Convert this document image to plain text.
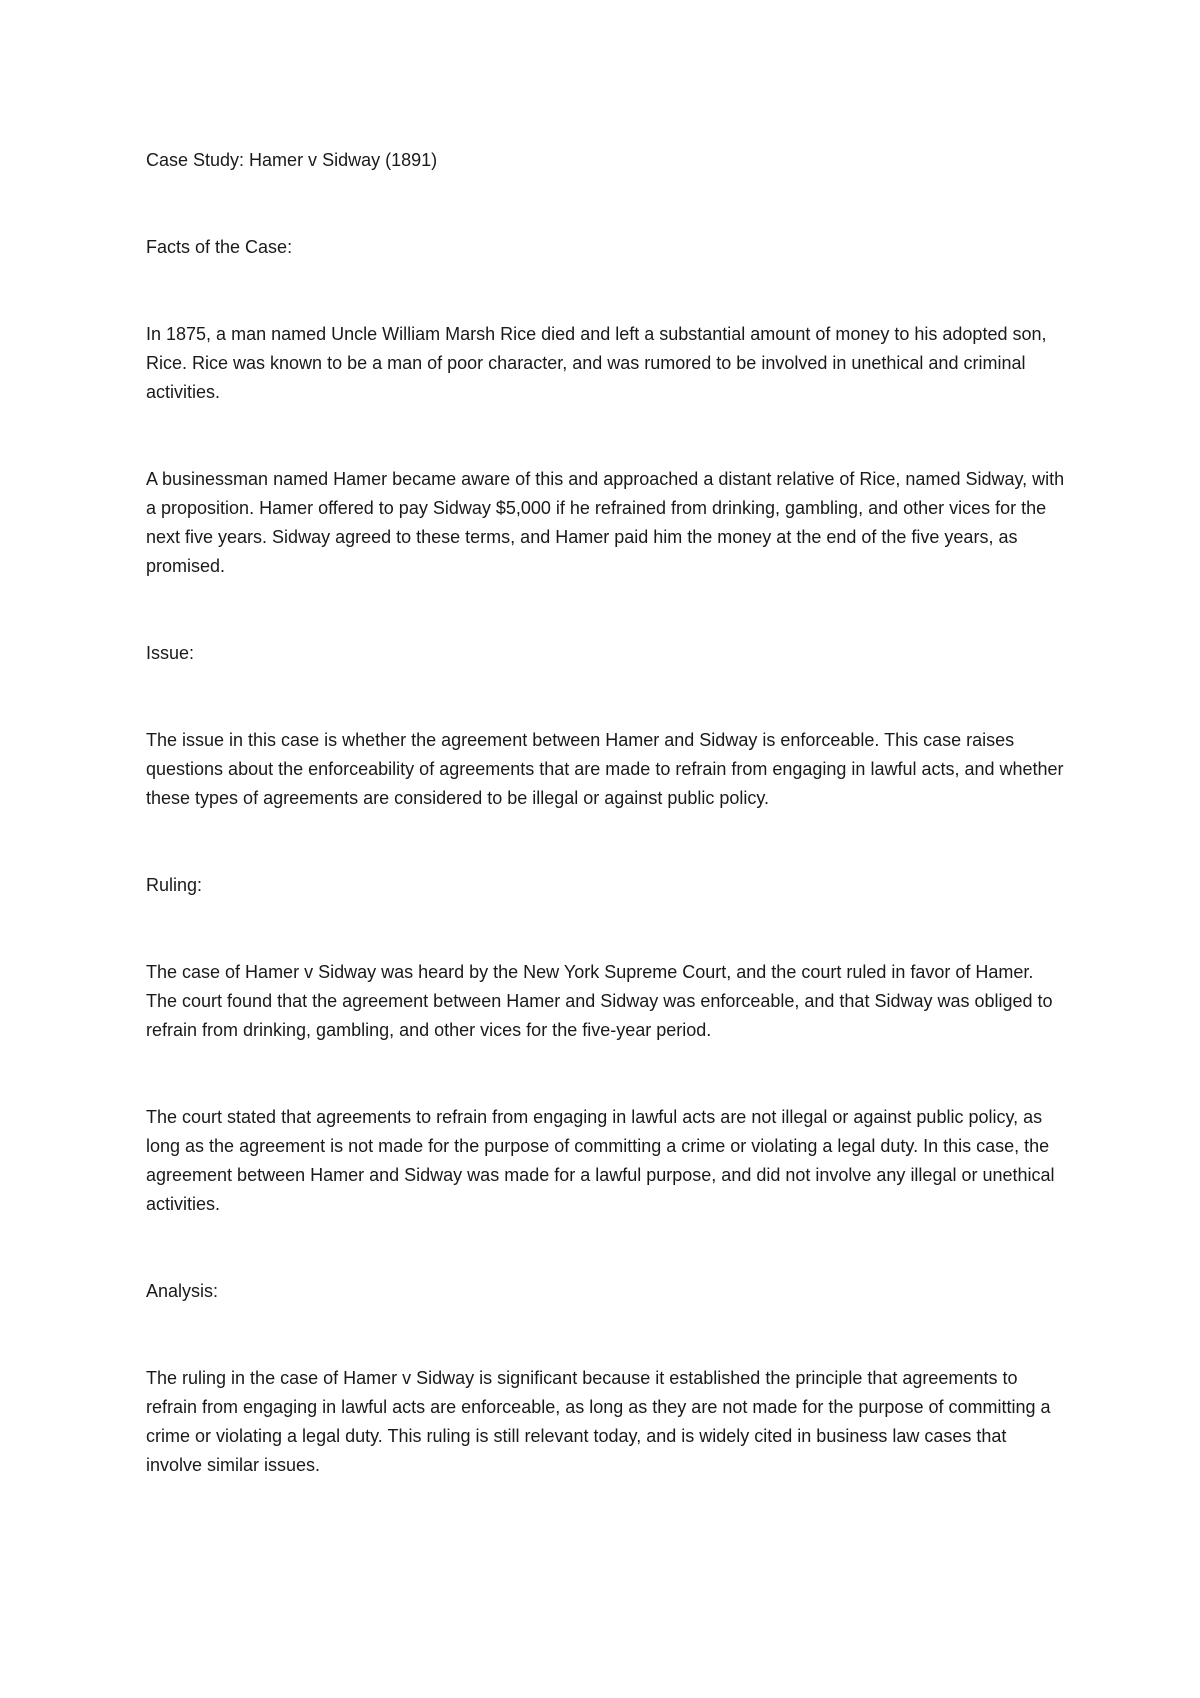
Case Study: Hamer v Sidway (1891)

Facts of the Case:

In 1875, a man named Uncle William Marsh Rice died and left a substantial amount of money to his adopted son, Rice. Rice was known to be a man of poor character, and was rumored to be involved in unethical and criminal activities.

A businessman named Hamer became aware of this and approached a distant relative of Rice, named Sidway, with a proposition. Hamer offered to pay Sidway $5,000 if he refrained from drinking, gambling, and other vices for the next five years. Sidway agreed to these terms, and Hamer paid him the money at the end of the five years, as promised.

Issue:

The issue in this case is whether the agreement between Hamer and Sidway is enforceable. This case raises questions about the enforceability of agreements that are made to refrain from engaging in lawful acts, and whether these types of agreements are considered to be illegal or against public policy.

Ruling:

The case of Hamer v Sidway was heard by the New York Supreme Court, and the court ruled in favor of Hamer. The court found that the agreement between Hamer and Sidway was enforceable, and that Sidway was obliged to refrain from drinking, gambling, and other vices for the five-year period.

The court stated that agreements to refrain from engaging in lawful acts are not illegal or against public policy, as long as the agreement is not made for the purpose of committing a crime or violating a legal duty. In this case, the agreement between Hamer and Sidway was made for a lawful purpose, and did not involve any illegal or unethical activities.

Analysis:

The ruling in the case of Hamer v Sidway is significant because it established the principle that agreements to refrain from engaging in lawful acts are enforceable, as long as they are not made for the purpose of committing a crime or violating a legal duty. This ruling is still relevant today, and is widely cited in business law cases that involve similar issues.
